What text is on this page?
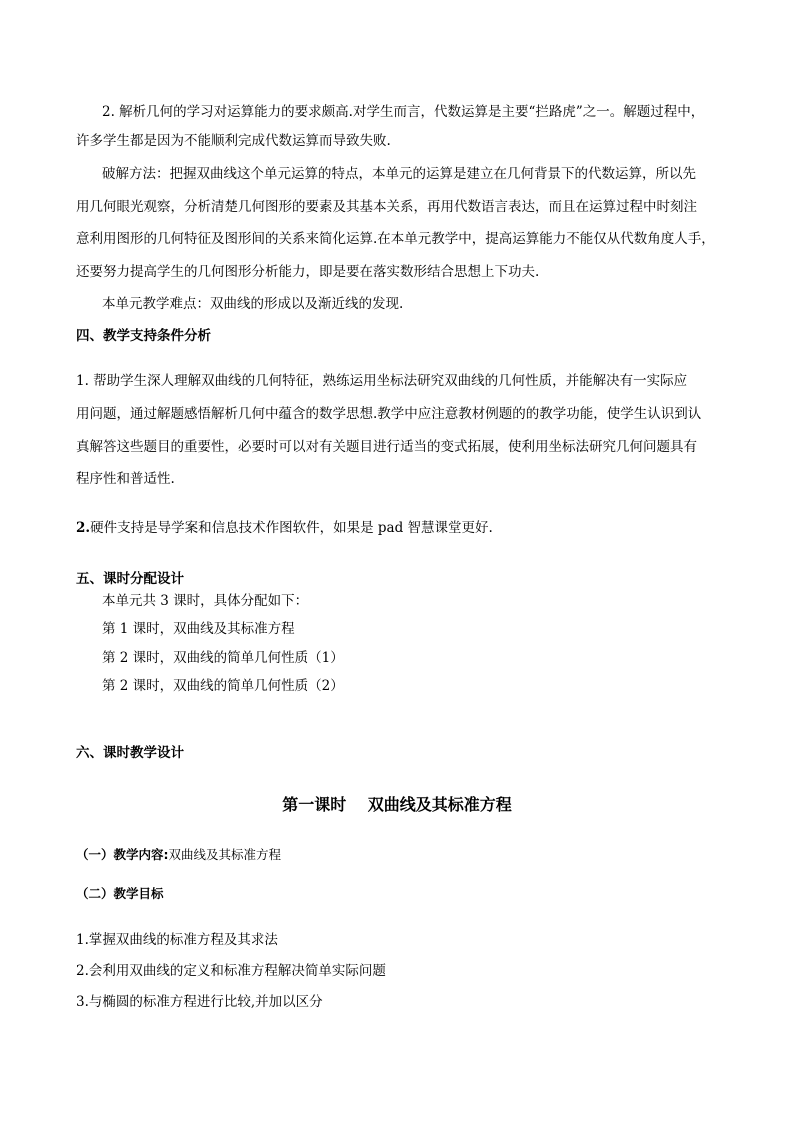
2. 解析几何的学习对运算能力的要求颇高.对学生而言，代数运算是主要“拦路虎”之一。解题过程中，
许多学生都是因为不能顺利完成代数运算而导致失败.
破解方法：把握双曲线这个单元运算的特点，本单元的运算是建立在几何背景下的代数运算，所以先
用几何眼光观察，分析清楚几何图形的要素及其基本关系，再用代数语言表达，而且在运算过程中时刻注
意利用图形的几何特征及图形间的关系来简化运算.在本单元教学中，提高运算能力不能仅从代数角度人手，
还要努力提高学生的几何图形分析能力，即是要在落实数形结合思想上下功夫.
本单元教学难点：双曲线的形成以及渐近线的发现.
四、教学支持条件分析
1. 帮助学生深人理解双曲线的几何特征，熟练运用坐标法研究双曲线的几何性质，并能解决有一实际应
用问题，通过解题感悟解析几何中蕴含的数学思想.教学中应注意教材例题的的教学功能，使学生认识到认
真解答这些题目的重要性，必要时可以对有关题目进行适当的变式拓展，使利用坐标法研究几何问题具有
程序性和普适性.
2.硬件支持是导学案和信息技术作图软件，如果是 pad 智慧课堂更好.
五、课时分配设计
本单元共 3 课时，具体分配如下：
第 1 课时，双曲线及其标准方程
第 2 课时，双曲线的简单几何性质（1）
第 2 课时，双曲线的简单几何性质（2）
六、课时教学设计
第一课时　 双曲线及其标准方程
（一）教学内容:双曲线及其标准方程
（二）教学目标
1.掌握双曲线的标准方程及其求法
2.会利用双曲线的定义和标准方程解决简单实际问题
3.与椭圆的标准方程进行比较,并加以区分
